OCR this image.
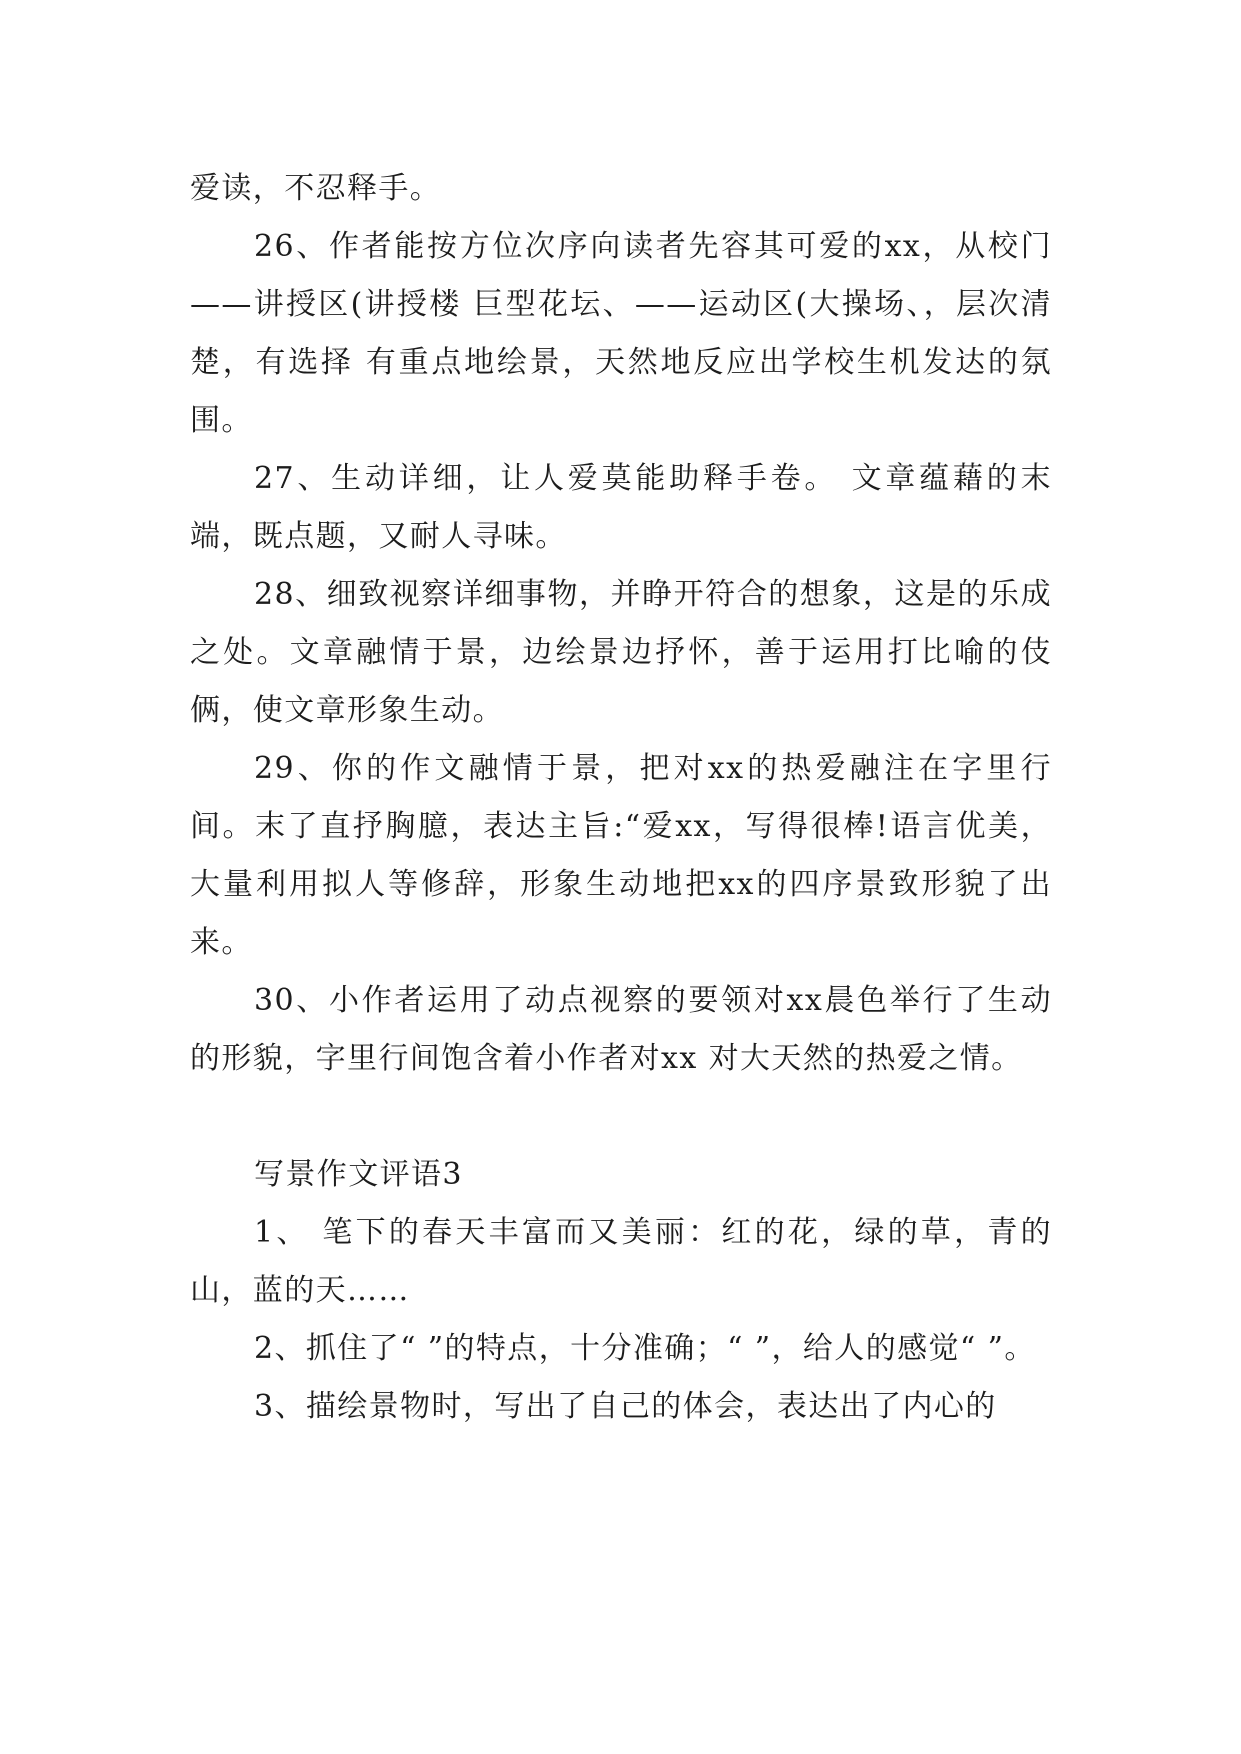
爱读，不忍释手。

26、作者能按方位次序向读者先容其可爱的xx，从校门——讲授区(讲授楼 巨型花坛、——运动区(大操场、，层次清楚，有选择 有重点地绘景，天然地反应出学校生机发达的氛围。

27、生动详细，让人爱莫能助释手卷。 文章蕴藉的末端，既点题，又耐人寻味。

28、细致视察详细事物，并睁开符合的想象，这是的乐成之处。文章融情于景，边绘景边抒怀，善于运用打比喻的伎俩，使文章形象生动。

29、你的作文融情于景，把对xx的热爱融注在字里行间。末了直抒胸臆，表达主旨:“爱xx，写得很棒!语言优美，大量利用拟人等修辞，形象生动地把xx的四序景致形貌了出来。

30、小作者运用了动点视察的要领对xx晨色举行了生动的形貌，字里行间饱含着小作者对xx 对大天然的热爱之情。

写景作文评语3

1、 笔下的春天丰富而又美丽：红的花，绿的草，青的山，蓝的天……

2、抓住了“ ”的特点，十分准确；“ ”，给人的感觉“ ”。

3、描绘景物时，写出了自己的体会，表达出了内心的
